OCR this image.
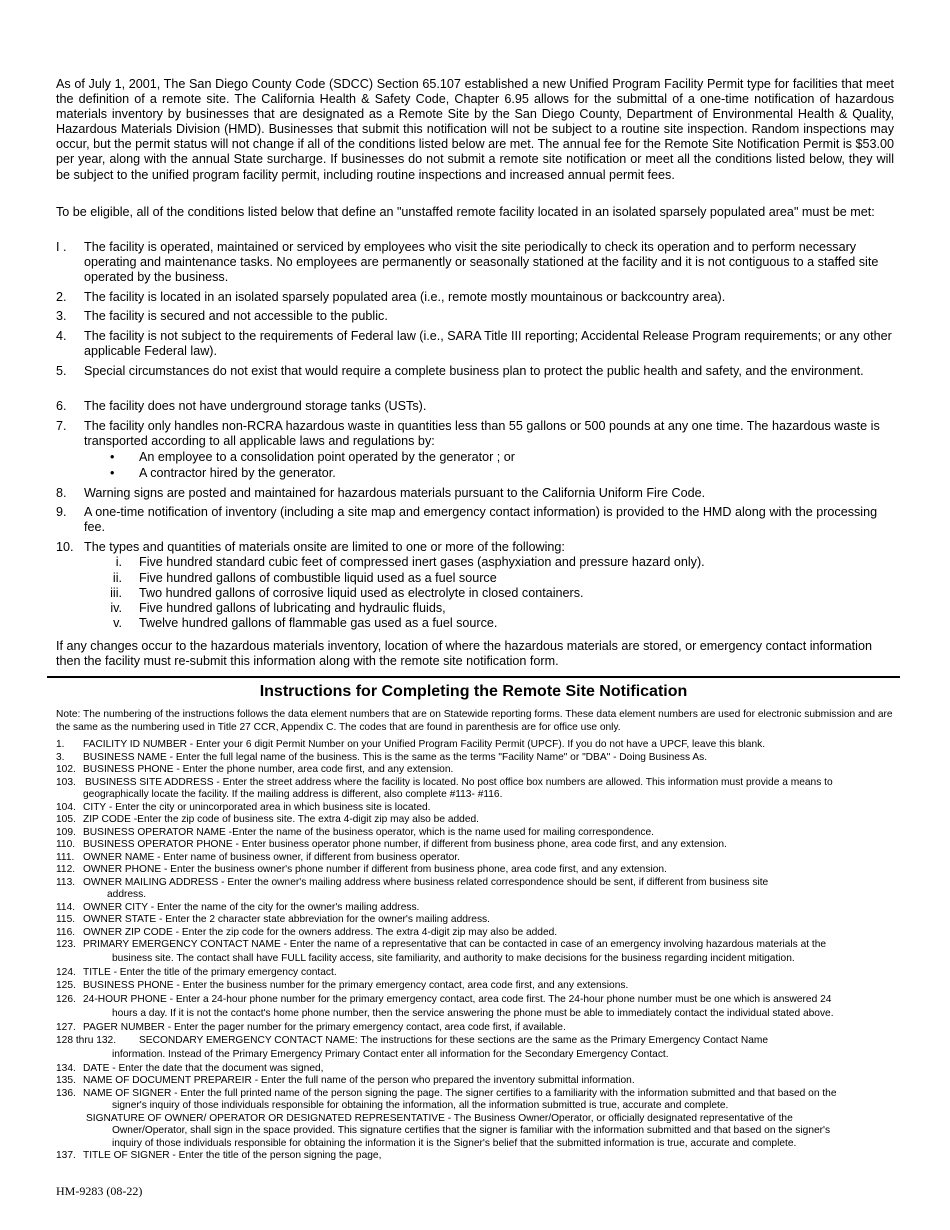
As of July 1, 2001, The San Diego County Code (SDCC) Section 65.107 established a new Unified Program Facility Permit type for facilities that meet the definition of a remote site. The California Health & Safety Code, Chapter 6.95 allows for the submittal of a one-time notification of hazardous materials inventory by businesses that are designated as a Remote Site by the San Diego County, Department of Environmental Health & Quality, Hazardous Materials Division (HMD). Businesses that submit this notification will not be subject to a routine site inspection. Random inspections may occur, but the permit status will not change if all of the conditions listed below are met. The annual fee for the Remote Site Notification Permit is $53.00 per year, along with the annual State surcharge. If businesses do not submit a remote site notification or meet all the conditions listed below, they will be subject to the unified program facility permit, including routine inspections and increased annual permit fees.
To be eligible, all of the conditions listed below that define an "unstaffed remote facility located in an isolated sparsely populated area" must be met:
I .	The facility is operated, maintained or serviced by employees who visit the site periodically to check its operation and to perform necessary operating and maintenance tasks. No employees are permanently or seasonally stationed at the facility and it is not contiguous to a staffed site operated by the business.
2.	The facility is located in an isolated sparsely populated area (i.e., remote mostly mountainous or backcountry area).
3.	The facility is secured and not accessible to the public.
4.	The facility is not subject to the requirements of Federal law (i.e., SARA Title III reporting; Accidental Release Program requirements; or any other applicable Federal law).
5.	Special circumstances do not exist that would require a complete business plan to protect the public health and safety, and the environment.
6.	The facility does not have underground storage tanks (USTs).
7.	The facility only handles non-RCRA hazardous waste in quantities less than 55 gallons or 500 pounds at any one time. The hazardous waste is transported according to all applicable laws and regulations by:
• An employee to a consolidation point operated by the generator ; or
• A contractor hired by the generator.
8.	Warning signs are posted and maintained for hazardous materials pursuant to the California Uniform Fire Code.
9.	A one-time notification of inventory (including a site map and emergency contact information) is provided to the HMD along with the processing fee.
10. The types and quantities of materials onsite are limited to one or more of the following:
i. Five hundred standard cubic feet of compressed inert gases (asphyxiation and pressure hazard only).
ii. Five hundred gallons of combustible liquid used as a fuel source
iii. Two hundred gallons of corrosive liquid used as electrolyte in closed containers.
iv. Five hundred gallons of lubricating and hydraulic fluids,
v. Twelve hundred gallons of flammable gas used as a fuel source.
If any changes occur to the hazardous materials inventory, location of where the hazardous materials are stored, or emergency contact information then the facility must re-submit this information along with the remote site notification form.
Instructions for Completing the Remote Site Notification
Note: The numbering of the instructions follows the data element numbers that are on Statewide reporting forms. These data element numbers are used for electronic submission and are the same as the numbering used in Title 27 CCR, Appendix C. The codes that are found in parenthesis are for office use only.
1. FACILITY ID NUMBER - Enter your 6 digit Permit Number on your Unified Program Facility Permit (UPCF). If you do not have a UPCF, leave this blank.
3. BUSINESS NAME - Enter the full legal name of the business. This is the same as the terms "Facility Name" or "DBA" - Doing Business As.
102. BUSINESS PHONE - Enter the phone number, area code first, and any extension.
103. BUSINESS SITE ADDRESS - Enter the street address where the facility is located. No post office box numbers are allowed. This information must provide a means to
geographically locate the facility. If the mailing address is different, also complete #113- #116.
104. CITY - Enter the city or unincorporated area in which business site is located.
105. ZIP CODE -Enter the zip code of business site. The extra 4-digit zip may also be added.
109. BUSINESS OPERATOR NAME -Enter the name of the business operator, which is the name used for mailing correspondence.
110. BUSINESS OPERATOR PHONE - Enter business operator phone number, if different from business phone, area code first, and any extension.
111. OWNER NAME - Enter name of business owner, if different from business operator.
112. OWNER PHONE - Enter the business owner's phone number if different from business phone, area code first, and any extension.
113. OWNER MAILING ADDRESS - Enter the owner's mailing address where business related correspondence should be sent, if different from business site
address.
114. OWNER CITY - Enter the name of the city for the owner's mailing address.
115. OWNER STATE - Enter the 2 character state abbreviation for the owner's mailing address.
116. OWNER ZIP CODE - Enter the zip code for the owners address. The extra 4-digit zip may also be added.
123. PRIMARY EMERGENCY CONTACT NAME - Enter the name of a representative that can be contacted in case of an emergency involving hazardous materials at the
business site. The contact shall have FULL facility access, site familiarity, and authority to make decisions for the business regarding incident mitigation.
124. TITLE - Enter the title of the primary emergency contact.
125. BUSINESS PHONE - Enter the business number for the primary emergency contact, area code first, and any extensions.
126. 24-HOUR PHONE - Enter a 24-hour phone number for the primary emergency contact, area code first. The 24-hour phone number must be one which is answered 24
hours a day. If it is not the contact's home phone number, then the service answering the phone must be able to immediately contact the individual stated above.
127. PAGER NUMBER - Enter the pager number for the primary emergency contact, area code first, if available.
128 thru 132. SECONDARY EMERGENCY CONTACT NAME: The instructions for these sections are the same as the Primary Emergency Contact Name
information. Instead of the Primary Emergency Primary Contact enter all information for the Secondary Emergency Contact.
134. DATE - Enter the date that the document was signed,
135. NAME OF DOCUMENT PREPAREIR - Enter the full name of the person who prepared the inventory submittal information.
136. NAME OF SIGNER - Enter the full printed name of the person signing the page. The signer certifies to a familiarity with the information submitted and that based on the
signer's inquiry of those individuals responsible for obtaining the information, all the information submitted is true, accurate and complete.
SIGNATURE OF OWNER/ OPERATOR OR DESIGNATED REPRESENTATIVE - The Business Owner/Operator, or officially designated representative of the
Owner/Operator, shall sign in the space provided. This signature certifies that the signer is familiar with the information submitted and that based on the signer's
inquiry of those individuals responsible for obtaining the information it is the Signer's belief that the submitted information is true, accurate and complete.
137. TITLE OF SIGNER - Enter the title of the person signing the page,
HM-9283 (08-22)
